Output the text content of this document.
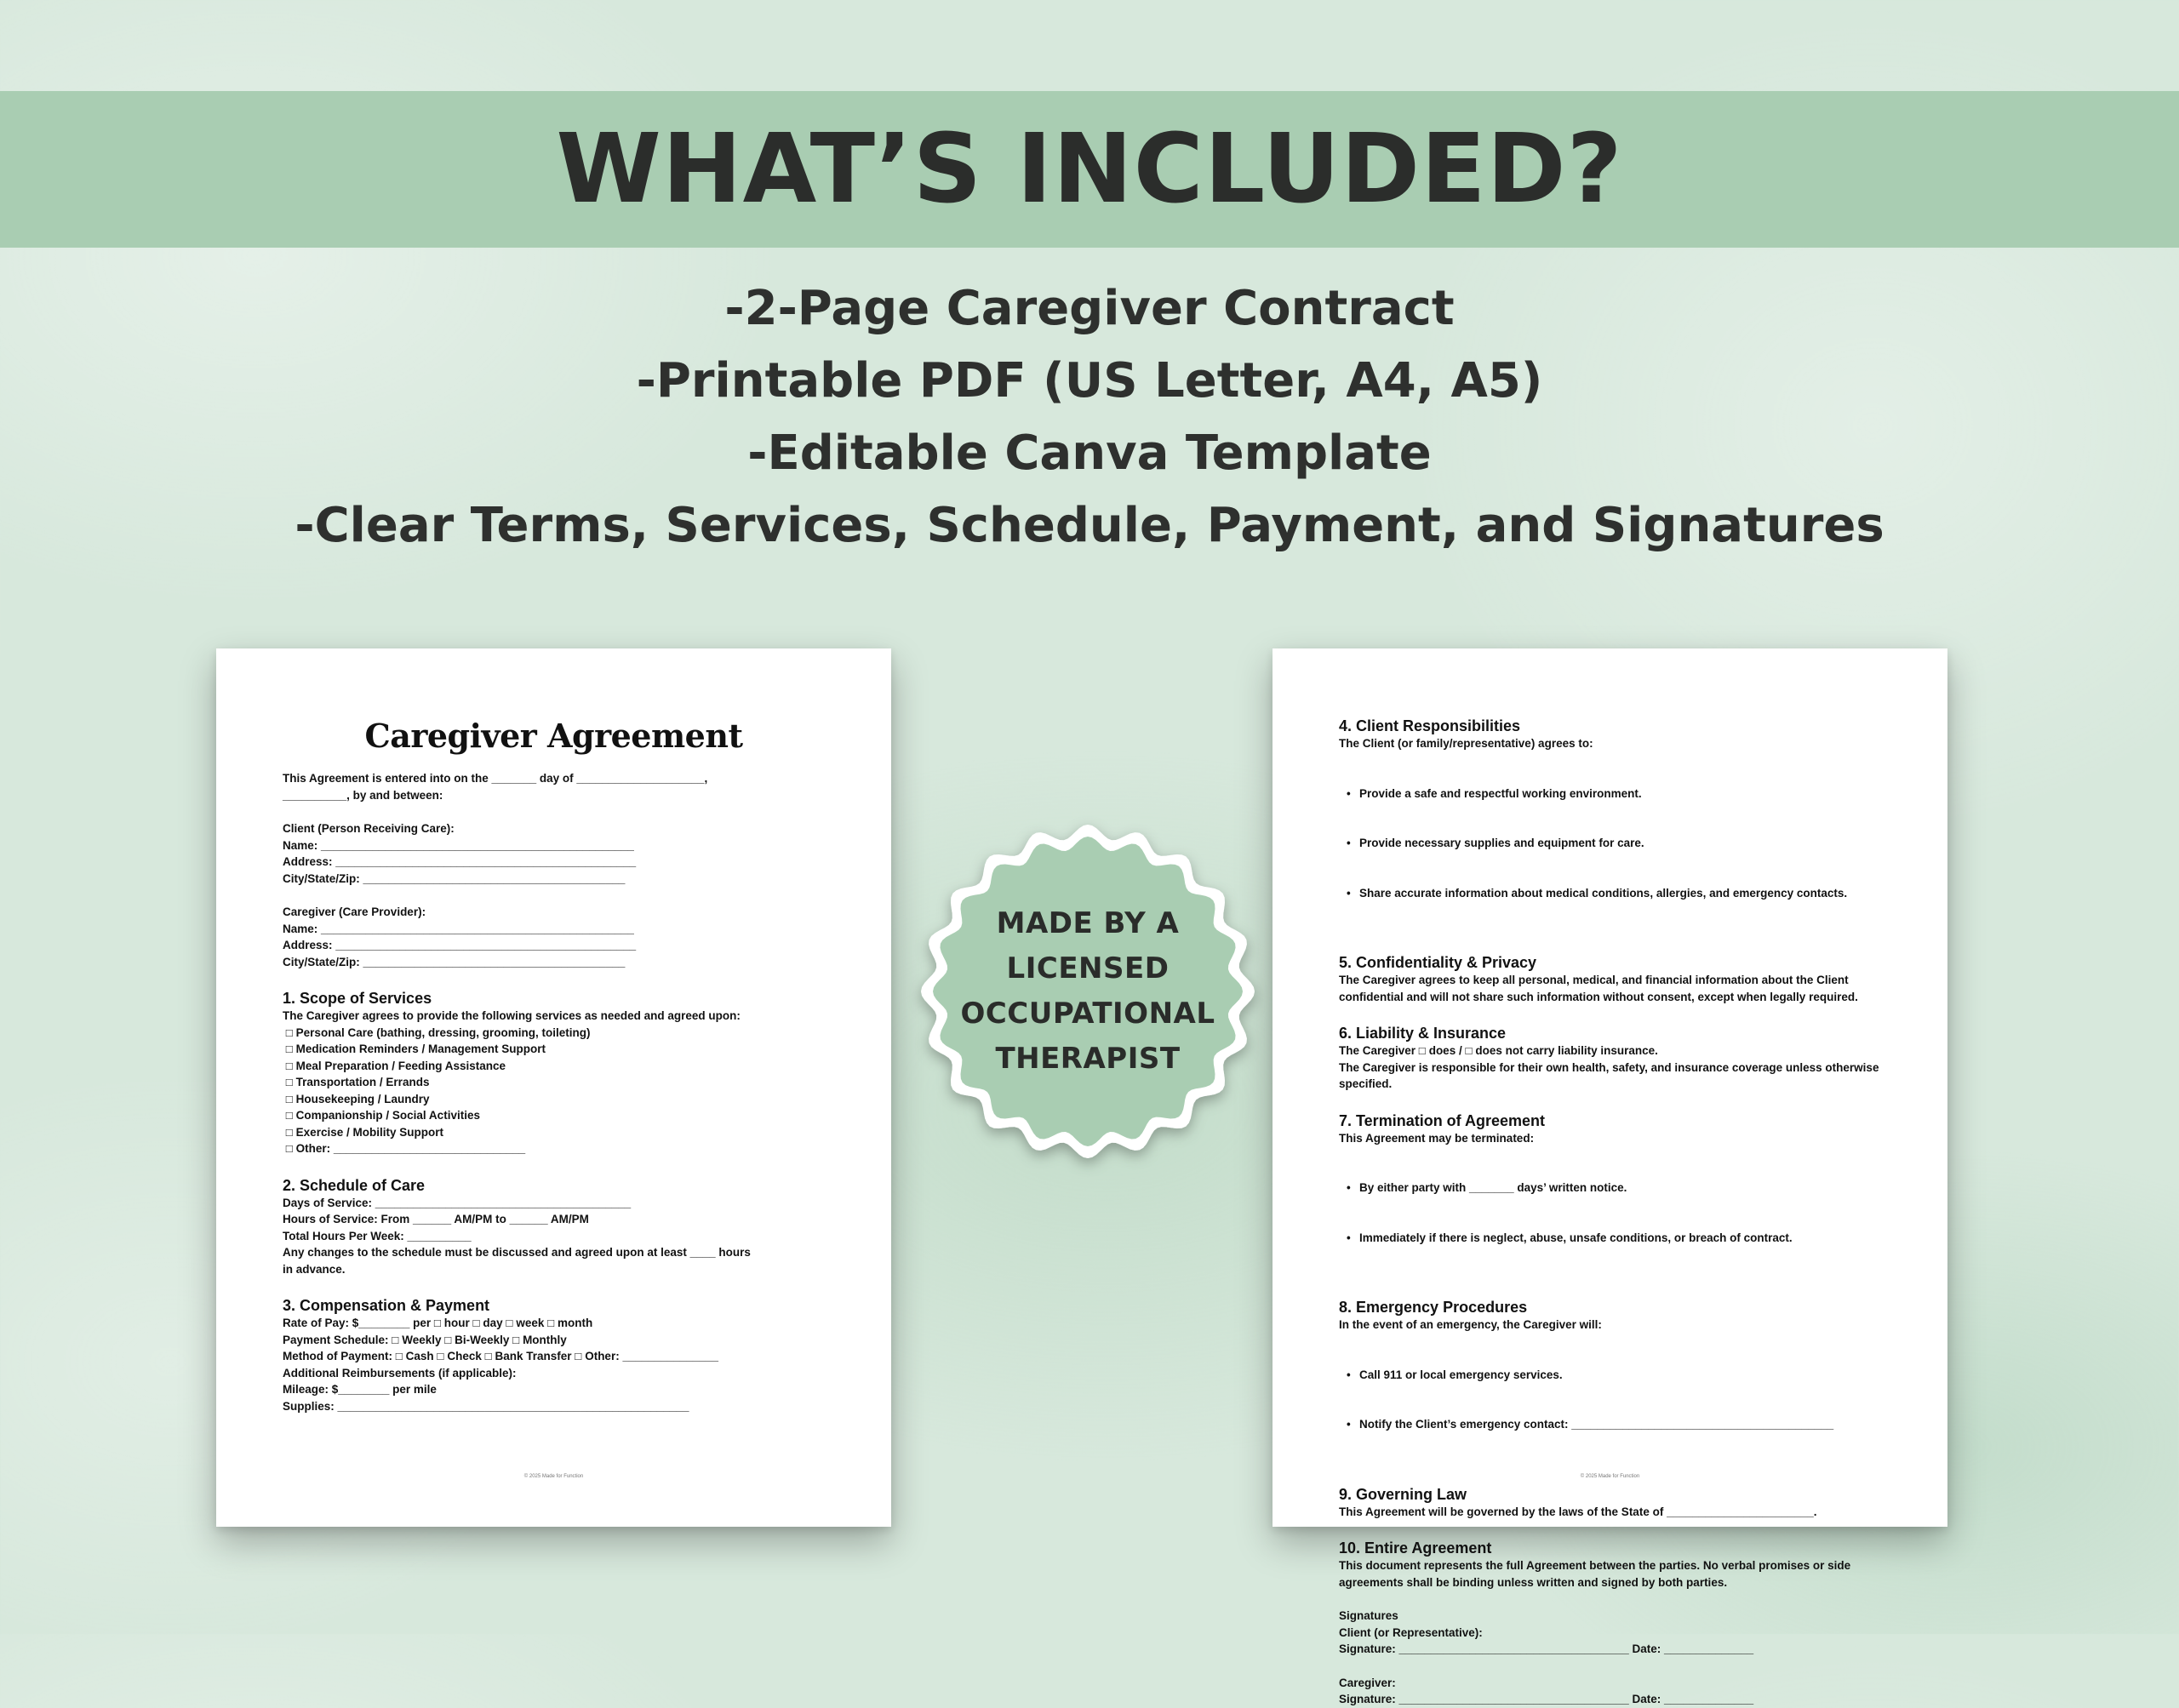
WHAT’S INCLUDED?
-2-Page Caregiver Contract
-Printable PDF (US Letter, A4, A5)
-Editable Canva Template
-Clear Terms, Services, Schedule, Payment, and Signatures
Caregiver Agreement
This Agreement is entered into on the _______ day of ____________________,
__________, by and between:
Client (Person Receiving Care):
Name: _________________________________________________
Address: _______________________________________________
City/State/Zip: _________________________________________
Caregiver (Care Provider):
Name: _________________________________________________
Address: _______________________________________________
City/State/Zip: _________________________________________
1. Scope of Services
The Caregiver agrees to provide the following services as needed and agreed upon:
□ Personal Care (bathing, dressing, grooming, toileting)
□ Medication Reminders / Management Support
□ Meal Preparation / Feeding Assistance
□ Transportation / Errands
□ Housekeeping / Laundry
□ Companionship / Social Activities
□ Exercise / Mobility Support
□ Other: ______________________________
2. Schedule of Care
Days of Service: ________________________________________
Hours of Service: From ______ AM/PM to ______ AM/PM
Total Hours Per Week: __________
Any changes to the schedule must be discussed and agreed upon at least ____ hours
in advance.
3. Compensation & Payment
Rate of Pay: $________ per □ hour □ day □ week □ month
Payment Schedule: □ Weekly □ Bi-Weekly □ Monthly
Method of Payment: □ Cash □ Check □ Bank Transfer □ Other: _______________
Additional Reimbursements (if applicable):
Mileage: $________ per mile
Supplies: _______________________________________________________
© 2025 Made for Function
4. Client Responsibilities
The Client (or family/representative) agrees to:

• Provide a safe and respectful working environment.

• Provide necessary supplies and equipment for care.

• Share accurate information about medical conditions, allergies, and emergency contacts.

5. Confidentiality & Privacy
The Caregiver agrees to keep all personal, medical, and financial information about the Client confidential and will not share such information without consent, except when legally required.
6. Liability & Insurance
The Caregiver □ does / □ does not carry liability insurance.
The Caregiver is responsible for their own health, safety, and insurance coverage unless otherwise specified.
7. Termination of Agreement
This Agreement may be terminated:

• By either party with _______ days’ written notice.

• Immediately if there is neglect, abuse, unsafe conditions, or breach of contract.

8. Emergency Procedures
In the event of an emergency, the Caregiver will:

• Call 911 or local emergency services.

• Notify the Client’s emergency contact: _________________________________________

9. Governing Law
This Agreement will be governed by the laws of the State of _______________________.
10. Entire Agreement
This document represents the full Agreement between the parties. No verbal promises or side agreements shall be binding unless written and signed by both parties.
Signatures
Client (or Representative):
Signature: ____________________________________ Date: ______________
Caregiver:
Signature: ____________________________________ Date: ______________
© 2025 Made for Function
MADE BY A
LICENSED
OCCUPATIONAL
THERAPIST
